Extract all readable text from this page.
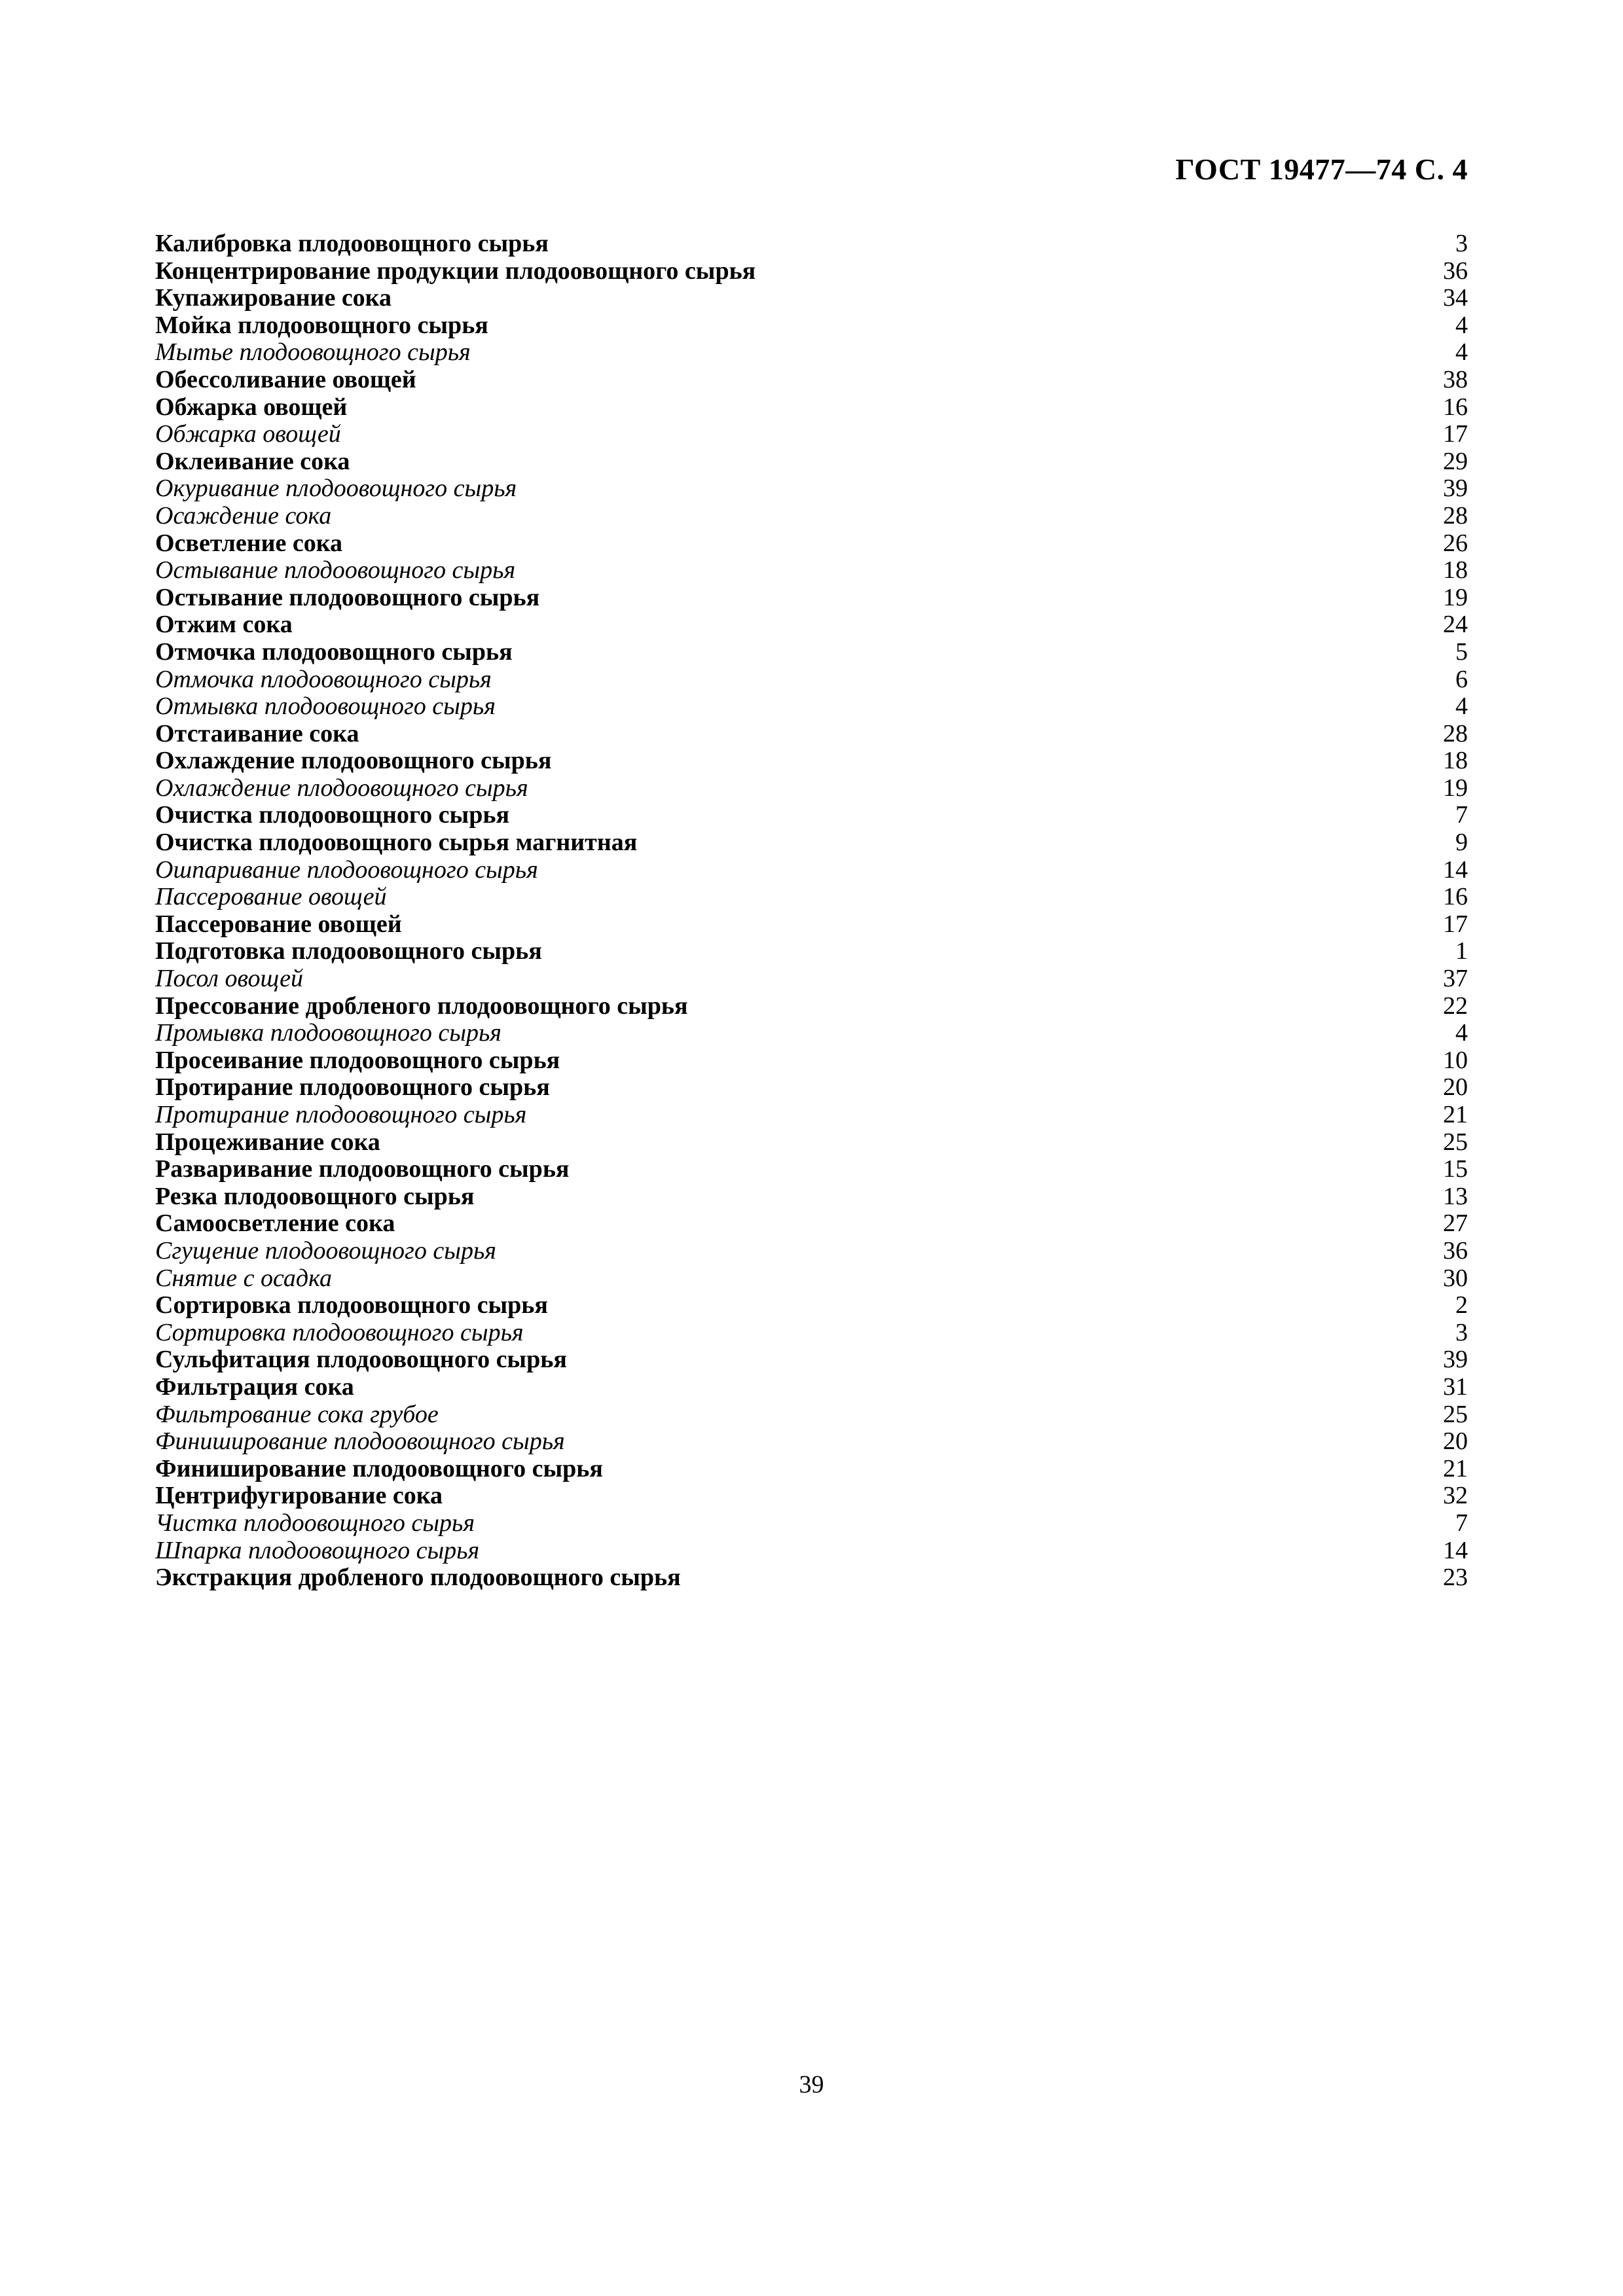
ГОСТ 19477—74 С. 4
Калибровка плодоовощного сырья	3
Концентрирование продукции плодоовощного сырья	36
Купажирование сока	34
Мойка плодоовощного сырья	4
Мытье плодоовощного сырья	4
Обессоливание овощей	38
Обжарка овощей	16
Обжарка овощей	17
Оклеивание сока	29
Окуривание плодоовощного сырья	39
Осаждение сока	28
Осветление сока	26
Остывание плодоовощного сырья	18
Остывание плодоовощного сырья	19
Отжим сока	24
Отмочка плодоовощного сырья	5
Отмочка плодоовощного сырья	6
Отмывка плодоовощного сырья	4
Отстаивание сока	28
Охлаждение плодоовощного сырья	18
Охлаждение плодоовощного сырья	19
Очистка плодоовощного сырья	7
Очистка плодоовощного сырья магнитная	9
Ошпаривание плодоовощного сырья	14
Пассерование овощей	16
Пассерование овощей	17
Подготовка плодоовощного сырья	1
Посол овощей	37
Прессование дробленого плодоовощного сырья	22
Промывка плодоовощного сырья	4
Просеивание плодоовощного сырья	10
Протирание плодоовощного сырья	20
Протирание плодоовощного сырья	21
Процеживание сока	25
Разваривание плодоовощного сырья	15
Резка плодоовощного сырья	13
Самоосветление сока	27
Сгущение плодоовощного сырья	36
Снятие с осадка	30
Сортировка плодоовощного сырья	2
Сортировка плодоовощного сырья	3
Сульфитация плодоовощного сырья	39
Фильтрация сока	31
Фильтрование сока грубое	25
Финиширование плодоовощного сырья	20
Финиширование плодоовощного сырья	21
Центрифугирование сока	32
Чистка плодоовощного сырья	7
Шпарка плодоовощного сырья	14
Экстракция дробленого плодоовощного сырья	23
39
